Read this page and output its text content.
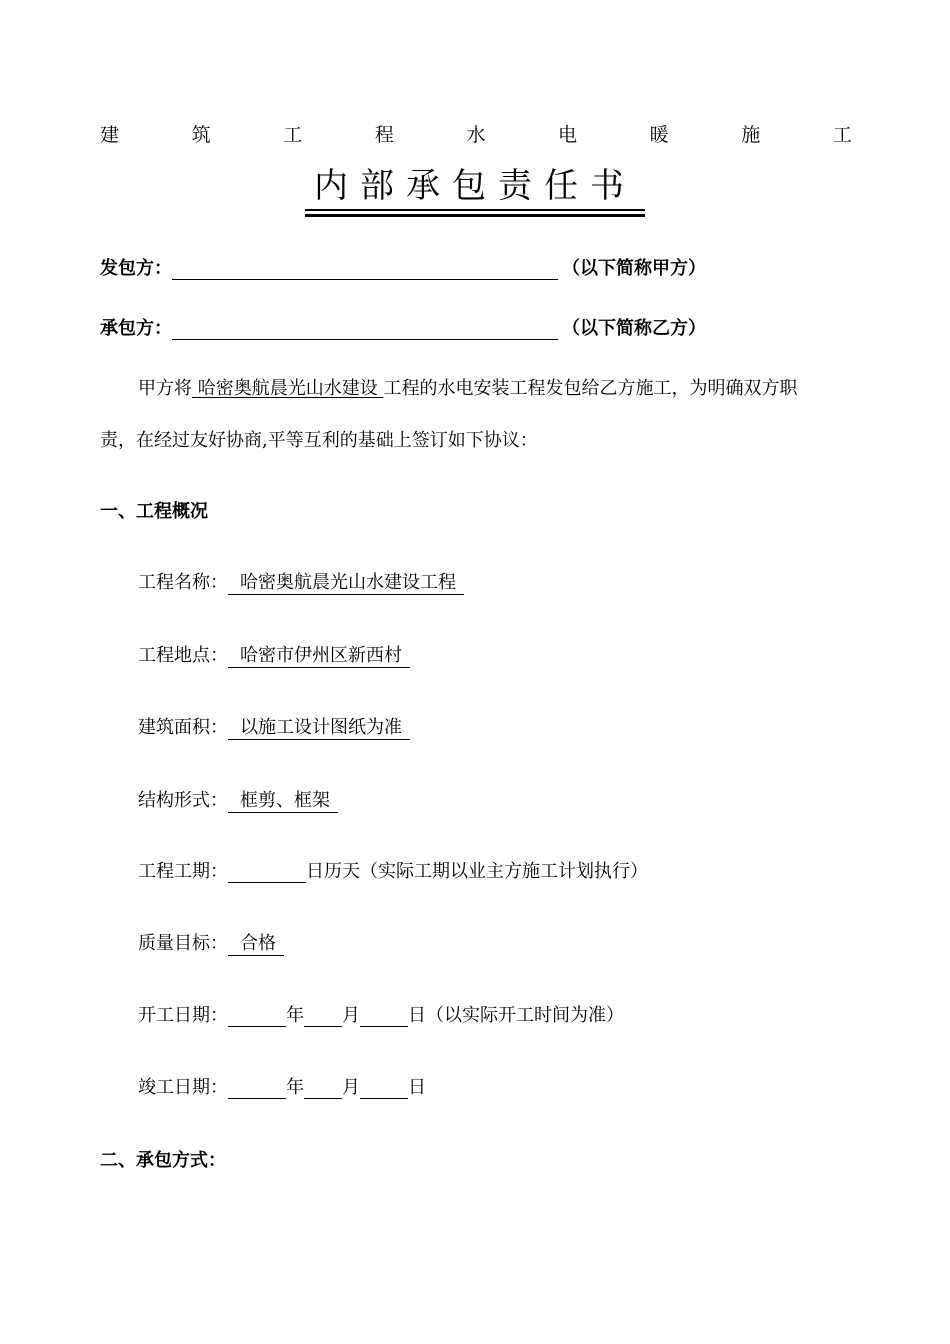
建	筑	工	程	水	电	暖	施	工
内部承包责任书
发包方：	（以下简称甲方）
承包方：	（以下简称乙方）
甲方将 哈密奥航晨光山水建设 工程的水电安装工程发包给乙方施工，为明确双方职
责，在经过友好协商,平等互利的基础上签订如下协议：
一、工程概况
工程名称： 哈密奥航晨光山水建设工程
工程地点： 哈密市伊州区新西村
建筑面积： 以施工设计图纸为准
结构形式： 框剪、框架
工程工期：	日历天（实际工期以业主方施工计划执行）
质量目标： 合格
开工日期：	年 月	日（以实际开工时间为准）
竣工日期：	年 月	日
二、承包方式：
